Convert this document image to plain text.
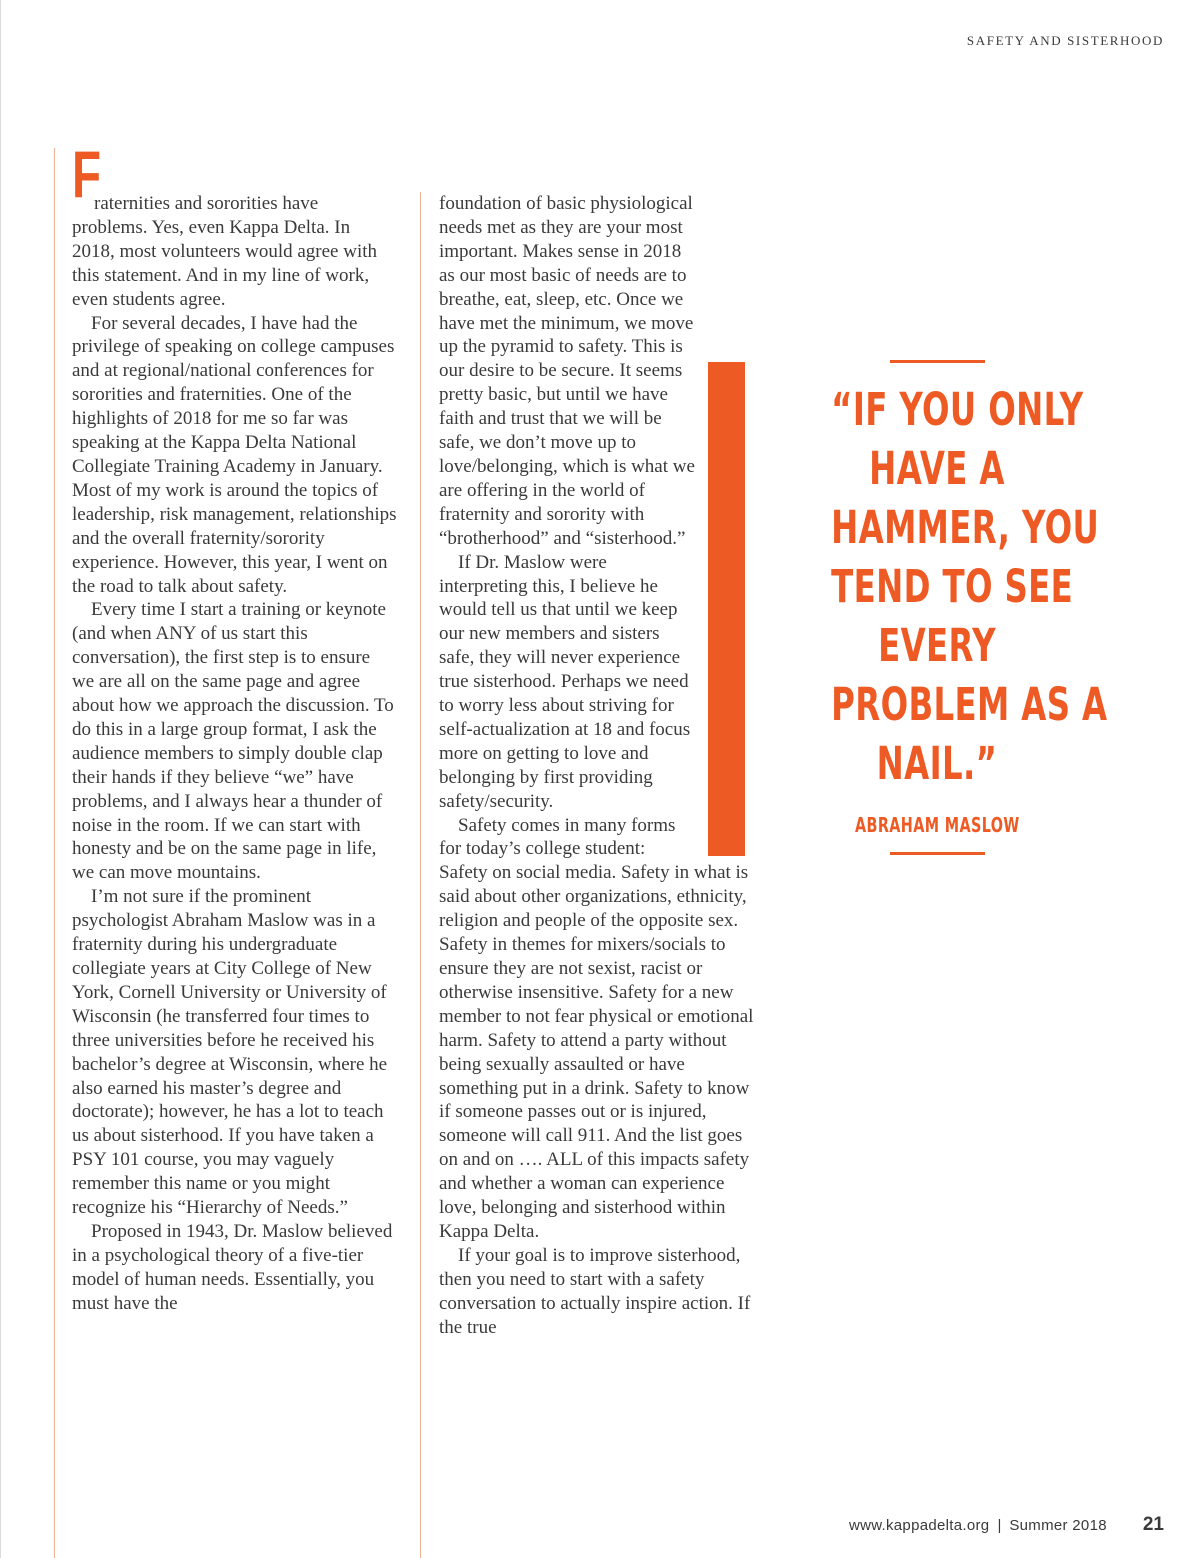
SAFETY AND SISTERHOOD

F
raternities and sororities have problems. Yes, even Kappa Delta. In 2018, most volunteers would agree with this statement. And in my line of work, even students agree.

For several decades, I have had the privilege of speaking on college campuses and at regional/national conferences for sororities and fraternities. One of the highlights of 2018 for me so far was speaking at the Kappa Delta National Collegiate Training Academy in January. Most of my work is around the topics of leadership, risk management, relationships and the overall fraternity/sorority experience. However, this year, I went on the road to talk about safety.

Every time I start a training or keynote (and when ANY of us start this conversation), the first step is to ensure we are all on the same page and agree about how we approach the discussion. To do this in a large group format, I ask the audience members to simply double clap their hands if they believe “we” have problems, and I always hear a thunder of noise in the room. If we can start with honesty and be on the same page in life, we can move mountains.

I’m not sure if the prominent psychologist Abraham Maslow was in a fraternity during his undergraduate collegiate years at City College of New York, Cornell University or University of Wisconsin (he transferred four times to three universities before he received his bachelor’s degree at Wisconsin, where he also earned his master’s degree and doctorate); however, he has a lot to teach us about sisterhood. If you have taken a PSY 101 course, you may vaguely remember this name or you might recognize his “Hierarchy of Needs.”

Proposed in 1943, Dr. Maslow believed in a psychological theory of a five-tier model of human needs. Essentially, you must have the

foundation of basic physiological needs met as they are your most important. Makes sense in 2018 as our most basic of needs are to breathe, eat, sleep, etc. Once we have met the minimum, we move up the pyramid to safety. This is our desire to be secure. It seems pretty basic, but until we have faith and trust that we will be safe, we don’t move up to love/belonging, which is what we are offering in the world of fraternity and sorority with “brotherhood” and “sisterhood.”

If Dr. Maslow were interpreting this, I believe he would tell us that until we keep our new members and sisters safe, they will never experience true sisterhood. Perhaps we need to worry less about striving for self-actualization at 18 and focus more on getting to love and belonging by first providing safety/security.

Safety comes in many forms for today’s college student: Safety on social media. Safety in what is said about other organizations, ethnicity, religion and people of the opposite sex. Safety in themes for mixers/socials to ensure they are not sexist, racist or otherwise insensitive. Safety for a new member to not fear physical or emotional harm. Safety to attend a party without being sexually assaulted or have something put in a drink. Safety to know if someone passes out or is injured, someone will call 911. And the list goes on and on …. ALL of this impacts safety and whether a woman can experience love, belonging and sisterhood within Kappa Delta.

If your goal is to improve sisterhood, then you need to start with a safety conversation to actually inspire action. If the true

“IF YOU ONLY
HAVE A
HAMMER, YOU
TEND TO SEE
EVERY
PROBLEM AS A
NAIL.”
ABRAHAM MASLOW
www.kappadelta.org | Summer 2018 21
